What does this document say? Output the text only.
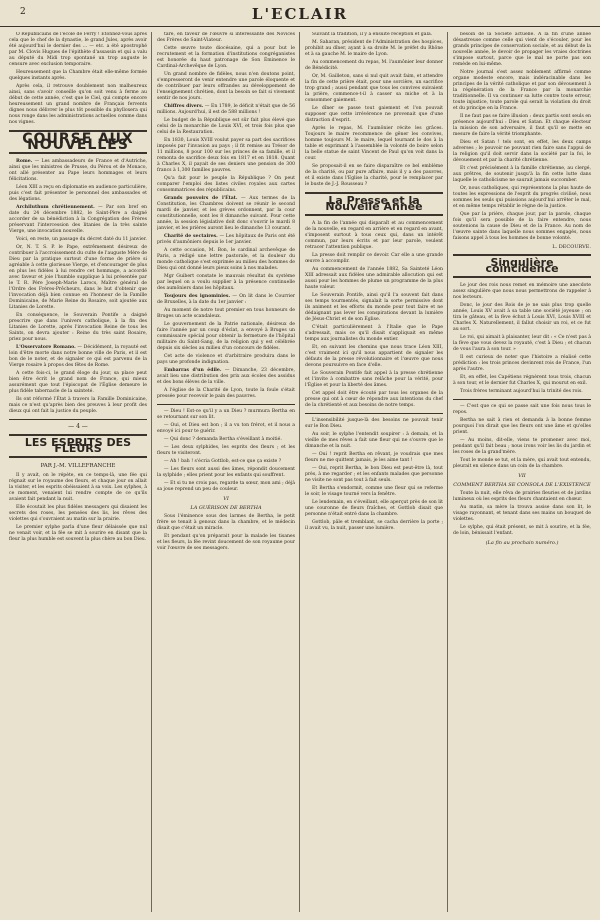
2	L'ECLAIR

O Républicains de l'école de Ferry ! Étonnez-vous après cela que le chef de la dynastie, le grand Jules, après avoir été aujourd'hui le dernier des ... — etc. a été apostrophé par M. Clovis Hugues de l'épithète d'assassin et qui a valu au député du Midi trop spontané un trop auguste le censure avec exclusion temporaire.

Heureusement que la Chambre était elle-même formée quelques instants après.

Après cela, il retrouve doublement non malheureux ainsi, sans s'avoir conseille qu'on soit venu à ferme au début de cette année, c'est que le Ciel, qui compte encore heureusement un grand nombre de Français fervents dignes nous délivrer le plus tôt possible du phylloxera qui nous ronge dans les administrations actuelles comme dans nos vignes.

COURSE AUX NOUVELLES

Rome. — Les ambassadeurs de France et d'Autriche, ainsi que les ministres de Prusse, du Pérou et de Monaco, ont allé présenter au Pape leurs hommages et leurs félicitations.

Léon XIII a reçu en diplomatie en audience particulière, puis c'est fait présenter le personnel des ambassades et des légations.

Archiluthum chrétiennement. — Par son bref en date du 24 décembre 1882, le Saint-Père a daigné accorder de sa bénédiction à la Congrégation des Frères préservant l'intercession des litanies de la très sainte Vierge, une invocation nouvelle.

Voici, en reste, un passage du décret daté du 11 janvier.

Or, N. T. S. P. le Pape, extrêmement désireux de contribuer à l'accroissement du culte de l'auguste Mère de Dieu par la pratique surtout d'une forme de prière si agréable à cette glorieuse Vierge, et d'encourager de plus en plus les fidèles à lui rendre cet hommage, a accordé avec faveur et joie l'humble supplique à lui présentée par le T. R. Père Joseph-Marie Larocs, Maître général de l'Ordre des Frères-Prêcheurs, dans le but d'obtenir que l'invocation déjà bien connue en l'honneur de la Famille Dominicaine, de Marie Reine du Rosaire, soit ajoutée aux Litanies de Lorette.

En conséquence, le Souverain Pontife a daigné prescrire que dans l'univers catholique, à la fin des Litanies de Lorette, après l'invocation Reine de tous les Saints, on devra ajouter : Reine du très saint Rosaire, priez pour nous.

L'Osservatore Romano. — Décidément, la royauté est loin d'être morte dans notre bonne ville de Paris, et il est bon de le noter, et de signaler ce qui est parvenu de la Vierge rosaire à propos des fêtes de Rome.

A cette fois-ci, le grand éloge du jour, sa place peut bien être écrit le grand nom de France, qui mieux assurément que tout l'épiscopat de l'Église demeure le plus fidèle tabernacle de la sainteté.

Ils ont réformé l'État à travers la Famille Dominicaine, mais ce n'est qu'après bien des preuves à leur profit des dieux qui ont fait la justice du peuple.

— 4 —
LES ESPRITS DES FLEURS
PAR J.-M. VILLEFRANCHE

Il y avait, on le répète, en ce temps-là, une fée qui régnait sur le royaume des fleurs, et chaque jour on allait la visiter, et les esprits obéissaient à sa voix. Les sylphes, à ce moment, venaient lui rendre compte de ce qu'ils avaient fait pendant la nuit.

Elle écoutait les plus fidèles messagers qui disaient les secrets des roses, les pensées des lis, les rêves des violettes qui s'ouvraient au matin sur la prairie.

Le premier sylphe parla d'une fleur délaissée que nul ne venait voir, et la fée se mit à sourire en disant que la fleur la plus humble est souvent la plus chère au bon Dieu.

tare, en faveur de l'œuvre si intéressante des Novices des Frères de Saint-Viateur.

Cette œuvre toute diocésaine, qui a pour but le recrutement et la formation d'institutions congréganistes est honorée du haut patronage de Son Éminence le Cardinal-Archevêque de Lyon.

Un grand nombre de fidèles, nous n'en doutons point, s'empresseront de venir entendre une parole éloquente et de contribuer par leurs offrandes au développement de l'enseignement chrétien, dont la besoin se fait si vivement sentir de nos jours.

Chiffres divers. — En 1789, le déficit n'était que de 56 millions. Aujourd'hui, il est de 588 millions !

Le budget de la République est sûr fait plus élevé que celui de la monarchie de Louis XVI, et trois fois plus que celui de la Restauration.

En 1830, Louis XVIII voulut payer sa part des sacrifices imposés par l'invasion au pays ; il fit remise au Trésor de 11 millions, 8 pour 100 sur les princes de sa famille, et il remonta de sacrifice deux fois en 1817 et en 1818. Quant à Charles X, il payait de ses deniers une pension de 300 francs à 1,300 familles pauvres.

Qu'a fait pour le peuple la République ? On peut comparer l'emploi des listes civiles royales aux cartes consommatrices des républicains.

Grands pouvoirs de l'État. — Aux termes de la Constitution, les Chambres doivent se réunir le second mardi de janvier, et les grèves ordonnent, par la cour constitutionnelle, sont les 8 dimanche suivant. Pour cette année, la session législative doit donc s'ouvrir le mardi 8 janvier, et les prières auront lieu le dimanche 13 courant.

Charité de sectaires. — Les hôpitaux de Paris ont été privés d'aumôniers depuis le 1er janvier.

A cette occasion, M. Bon, le cardinal archevêque de Paris, a rédigé une lettre pastorale, et la douleur du monde catholique s'est exprimée au milieu des hommes de Dieu qui ont donné leurs pieux soins à nos malades.

Mgr Guibert constate le mauvais résultat du système par lequel on a voulu supplier à la présence continuelle des aumôniers dans les hôpitaux.

Toujours des ignominies. — On lit dans le Courrier de Bruxelles, à la date du 1er janvier :

Au moment de notre tout premier en tous honneurs de Bruges un acte scandaleux.

Le gouvernement de la Patrie nationale, désireux de faire l'année par un coup d'éclat, a envoyé à Bruges un commissaire spécial pour obtenir la fermeture de l'hôpital militaire du Saint-Sang, de la religion qui y est célébrée depuis six siècles au milieu d'un concours de fidèles.

Cet acte de violence et d'arbitraire produira dans le pays une profonde indignation.

Embarras d'un édile. — Dimanche, 23 décembre, avait lieu une distribution des prix aux écoles des assidus et des bons élèves de la ville.

A l'église de la Charité de Lyon, toute la foule s'était pressée pour recevoir le pain des pauvres.

— Dieu ! Est-ce qu'il y a un Dieu ? murmura Bertha en se retournant sur son lit.

— Oui, et Dieu est bon ; il a vu ton frérot, et il nous a envoyé ici pour te guérir.

— Qui donc ? demanda Bertha s'éveillant à moitié.

— Les deux sylphides, les esprits des fleurs ; et les fleurs te visiteront.

— Ah ! bah ! s'écria Gottlob, est-ce que ça existe ?

— Les fleurs sont aussi des âmes, répondit doucement la sylphide ; elles prient pour les enfants qui souffrent.

— Et si tu ne crois pas, regarde ta sœur, mon ami ; déjà sa joue reprend un peu de couleur.

VI
LA GUÉRISON DE BERTHA

Sous l'éminence sous des larmes de Bertha, le petit frère se tenait à genoux dans la chambre, et le médecin disait que c'était un miracle.

Et pendant qu'on préparait pour la malade les tisanes et les fleurs, la fée revint doucement de son royaume pour voir l'œuvre de ses messagers.

Suivant la tradition, il y a ensuite réception et gala.

M. Saharan, président de l'Administration des hospices, prohibit au dîner, ayant à sa droite M. le préfet du Rhône et à sa gauche M. le maire de Lyon.

Au commencement du repas, M. l'aumônier leur donner de Bénédicité.

Or, M. Gailleton, sans si nul quit avait faim, et attendre la fin de cette prière était, pour une sorcière, un sacrifice trop grand ; aussi pendant que tous les convives suivaient la prière, commence-t-il à casser sa miche et à la consommer gaiement.

Le dîner se passe tout gaiement et l'on pouvait supposer que cette irrévérence ne provenait que d'une distraction d'esprit.

Après le repas, M. l'aumônier récite les grâces. Toujours le maire recommence de gêner les convives, homme toujours M. le maire, lequel tournant le dos à la table et exprimant à l'assemblée la volonté de boire selon la belle statue de saint Vincent de Paul qu'on voit dans la cour.

Se proposait-il en se faire disparaître ce bel emblème de la charité, ou par pure affaire, mais il y a des pauvres, et il existe dans l'Eglise la charité, pour le remplacer par le buste de J.-J. Rousseau ?

La Presse et la Nouvelle Année

A la fin de l'année qui disparaît et au commencement de la nouvelle, en regard en arrière et en regard en avant, s'imposent surtout à tous ceux qui, dans un intérêt commun, par leurs écrits et par leur parole, veulent retracer l'attention publique.

La presse doit remplir ce devoir. Car elle a une grande œuvre à accomplir.

Au commencement de l'année 1882, Sa Sainteté Léon XIII adressait aux fidèles une admirable allocution qui est aussi pour les hommes de plume un programme de la plus haute valeur.

Le Souverain Pontife, ainsi qu'il l'a souvent fait dans ses temps tourmentés, signalait la sorte permissive dont ils animent et les efforts du monde pour tout faire et ne dédaignant pas lever les conspirations devant la lumière de Jésus-Christ et de son Église.

C'était particulièrement à l'Italie que le Pape s'adressait, mais ce qu'il disait s'appliquait en même temps aux journalistes du monde entier.

Et, en suivant les chemins que nous trace Léon XIII, c'est vraiment ici qu'il nous appartient de signaler les défauts de la presse révolutionnaire et l'œuvre que nous devons poursuivre en face d'elle.

Le Souverain Pontife fait appel à la presse chrétienne et l'invite à combattre sans relâche pour la vérité, pour l'Église et pour la liberté des âmes.

Cet appel doit être écouté par tous les organes de la presse qui ont à cœur de répondre aux intentions du chef de la chrétienté et aux besoins de notre temps.

L'insensibilité jusque-là des besoins ne pouvait tenir sur le Bon Dieu.

Au soir, le sylphe l'entendit soupirer : à demain, et la vieille de mes rêves a fait une fleur qui ne s'ouvre que le dimanche et la nuit.

— Oui ! reprit Bertha en rêvant, je voudrais que mes fleurs ne me quittent jamais, je les aime tant !

— Oui, reprit Bertha, le bon Dieu est peut-être là, tout près, à me regarder ; et les enfants malades que personne ne visite ne sont pas tout à fait seuls.

Et Bertha s'endormit, comme une fleur qui se referme le soir, le visage tourné vers la fenêtre.

Le lendemain, en s'éveillant, elle aperçut près de son lit une couronne de fleurs fraîches, et Gottlob disait que personne n'était entré dans la chambre.

Gottlob, pâle et tremblant, se cacha derrière la porte ; il avait vu, la nuit, passer une lumière.

besoin de la Société actuelle. A la fin d'une année désastreuse comme celle qui vient de s'écouler, pour les grands principes de conservation sociale, et au début de la nouvelle année, le devoir de propager les vraies doctrines s'impose surtout, parce que le mal ne porte pas son remède en lui-même.

Notre journal s'est assez noblement affirmé comme organe modeste encore, mais indéracinable dans les principes de la vérité catholique et par son dévouement à la régénération de la France par la monarchie traditionnelle. Il va continuer sa lutte contre toute erreur, toute injustice, toute parole qui serait la violation du droit et du principe en la France.

Il ne faut pas se faire illusion : deux partis sont seuls en présence aujourd'hui : Dieu et Satan. Et chaque électeur la mission de son adversaire, il faut qu'il se mette en mesure de faire la vérité triomphante.

Dieu et Satan ! tels sont, en effet, les deux camps adverses ; le pouvoir ne pouvant rien faire sans l'appui de la religion qu'il doit servir dans la société par la foi, le dévouement et par la charité chrétienne.

Et c'est précisément à la famille chrétienne, au clergé, aux prêtres, de soutenir jusqu'à la fin cette lutte dans laquelle le catholicisme ne saurait jamais succomber.

Or, nous catholiques, qui représentons la plus haute de toutes les expressions de l'esprit du progrès civilisé, nous sommes les seuls qui puissions aujourd'hui arrêter le mal, et en même temps rétablir le règne de la justice.

Que par la prière, chaque jour, par la parole, chaque fois qu'il sera possible de la faire entendre, nous soutenions la cause de Dieu et de la France. Au nom de l'œuvre sainte dans laquelle nous sommes engagés, nous faisons appel à tous les hommes de bonne volonté.

L. DECOURVE.
Singulière coïncidence

Le jour des rois nous remet en mémoire une anecdote assez singulière que nous nous permettrons de rappeler à nos lecteurs.

Donc, le jour des Rois de je ne sais plus trop quelle année, Louis XV avait à sa table une société joyeuse ; on tira le gâteau, et la fève échut à Louis XVI, Louis XVIII et Charles X. Naturellement, il fallut choisir un roi, et ce fut au sort.

Le roi, qui aimait à plaisanter, leur dit : « Ce n'est pas à la fève que vous devez la royauté, c'est à Dieu ; et chacun de vous l'aura à son tour. »

Il est curieux de noter que l'histoire a réalisé cette prédiction : les trois princes devinrent rois de France, l'un après l'autre.

Et, en effet, les Capétiens régnèrent tous trois, chacun à son tour, et le dernier fut Charles X, qui mourut en exil.

Trois frères terminant aujourd'hui la trinité des rois.

— C'est que ce qui se passe sait une fois nous tous le repos.

Bertha ne sait à rien et demanda à la bonne femme pourquoi l'on dirait que les fleurs ont une âme et qu'elles prient.

— Au moins, dit-elle, viens te promener avec moi, pendant qu'il fait beau ; nous irons voir les lis du jardin et les roses de la grand'mère.

Tout le monde se tut, et la mère, qui avait tout entendu, pleurait en silence dans un coin de la chambre.

VII
COMMENT BERTHA SE CONSOLA DE L'EXISTENCE

Toute la nuit, elle rêva de prairies fleuries et de jardins lumineux où les esprits des fleurs chantaient en chœur.

Au matin, sa mère la trouva assise dans son lit, le visage rayonnant, et tenant dans ses mains un bouquet de violettes.

Le sylphe, qui était présent, se mit à sourire, et la fée, de loin, bénissait l'enfant.

(La fin au prochain numéro.)
